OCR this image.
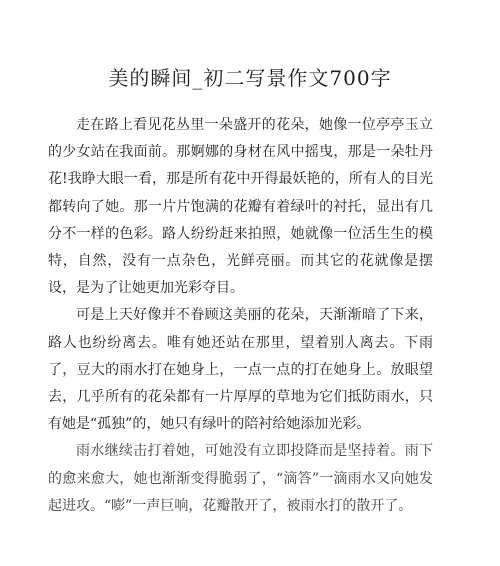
美的瞬间_初二写景作文700字

走在路上看见花丛里一朵盛开的花朵，她像一位亭亭玉立的少女站在我面前。那婀娜的身材在风中摇曳，那是一朵牡丹花!我睁大眼一看，那是所有花中开得最妖艳的，所有人的目光都转向了她。那一片片饱满的花瓣有着绿叶的衬托，显出有几分不一样的色彩。路人纷纷赶来拍照，她就像一位活生生的模特，自然，没有一点杂色，光鲜亮丽。而其它的花就像是摆设，是为了让她更加光彩夺目。

可是上天好像并不眷顾这美丽的花朵，天渐渐暗了下来，路人也纷纷离去。唯有她还站在那里，望着别人离去。下雨了，豆大的雨水打在她身上，一点一点的打在她身上。放眼望去，几乎所有的花朵都有一片厚厚的草地为它们抵防雨水，只有她是“孤独”的，她只有绿叶的陪衬给她添加光彩。

雨水继续击打着她，可她没有立即投降而是坚持着。雨下的愈来愈大，她也渐渐变得脆弱了，“滴答”一滴雨水又向她发起进攻。“嘭”一声巨响，花瓣散开了，被雨水打的散开了。
